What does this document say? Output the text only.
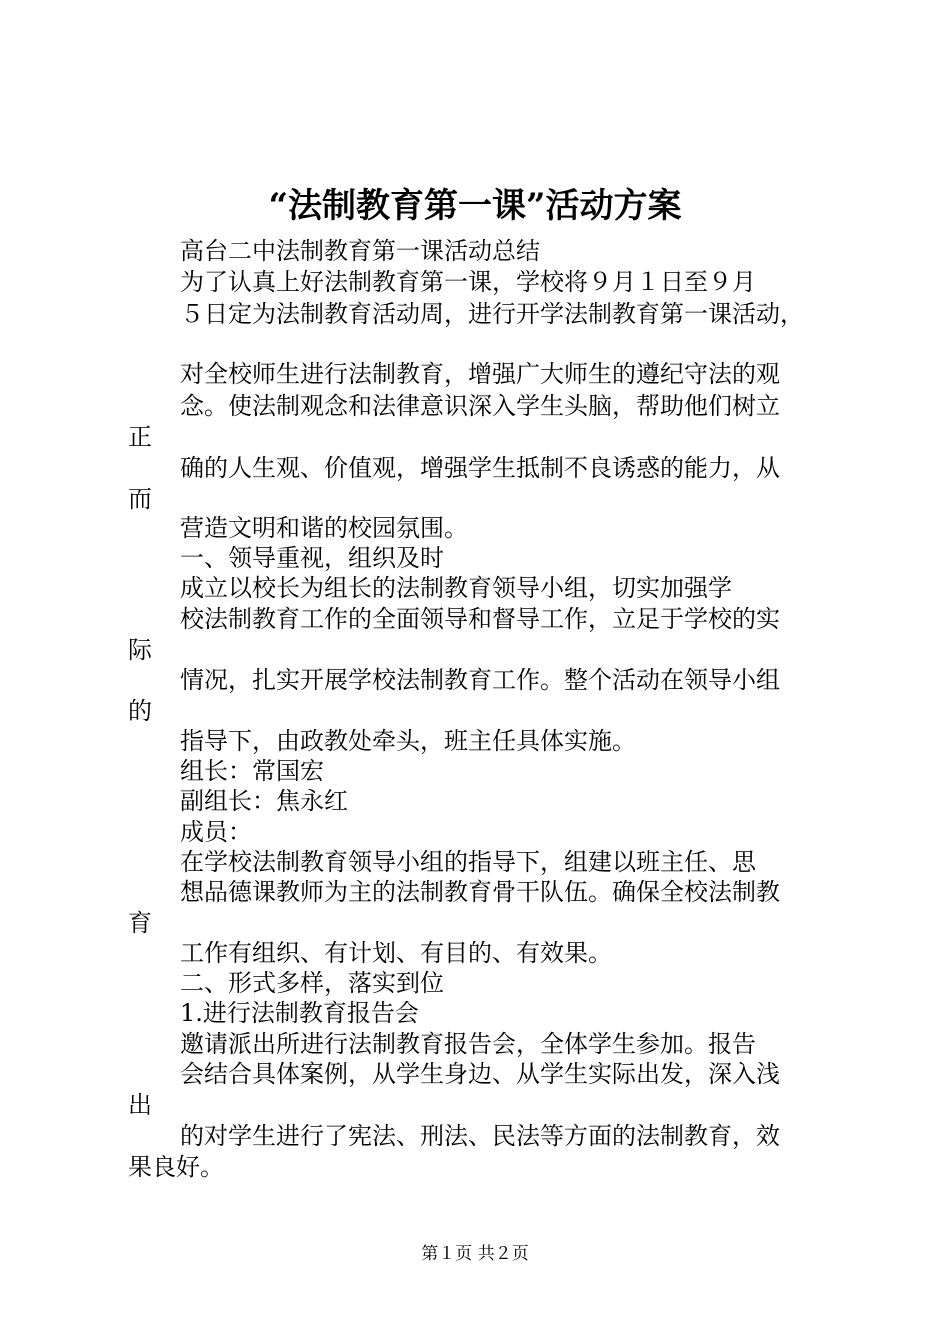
“法制教育第一课”活动方案
高台二中法制教育第一课活动总结
为了认真上好法制教育第一课，学校将９月１日至９月
５日定为法制教育活动周，进行开学法制教育第一课活动，
对全校师生进行法制教育，增强广大师生的遵纪守法的观
念。使法制观念和法律意识深入学生头脑，帮助他们树立
正
确的人生观、价值观，增强学生抵制不良诱惑的能力，从
而
营造文明和谐的校园氛围。
一、领导重视，组织及时
成立以校长为组长的法制教育领导小组，切实加强学
校法制教育工作的全面领导和督导工作，立足于学校的实
际
情况，扎实开展学校法制教育工作。整个活动在领导小组
的
指导下，由政教处牵头，班主任具体实施。
组长：常国宏
副组长：焦永红
成员：
在学校法制教育领导小组的指导下，组建以班主任、思
想品德课教师为主的法制教育骨干队伍。确保全校法制教
育
工作有组织、有计划、有目的、有效果。
二、形式多样，落实到位
1.进行法制教育报告会
邀请派出所进行法制教育报告会，全体学生参加。报告
会结合具体案例，从学生身边、从学生实际出发，深入浅
出
的对学生进行了宪法、刑法、民法等方面的法制教育，效
果良好。
第１页 共２页
